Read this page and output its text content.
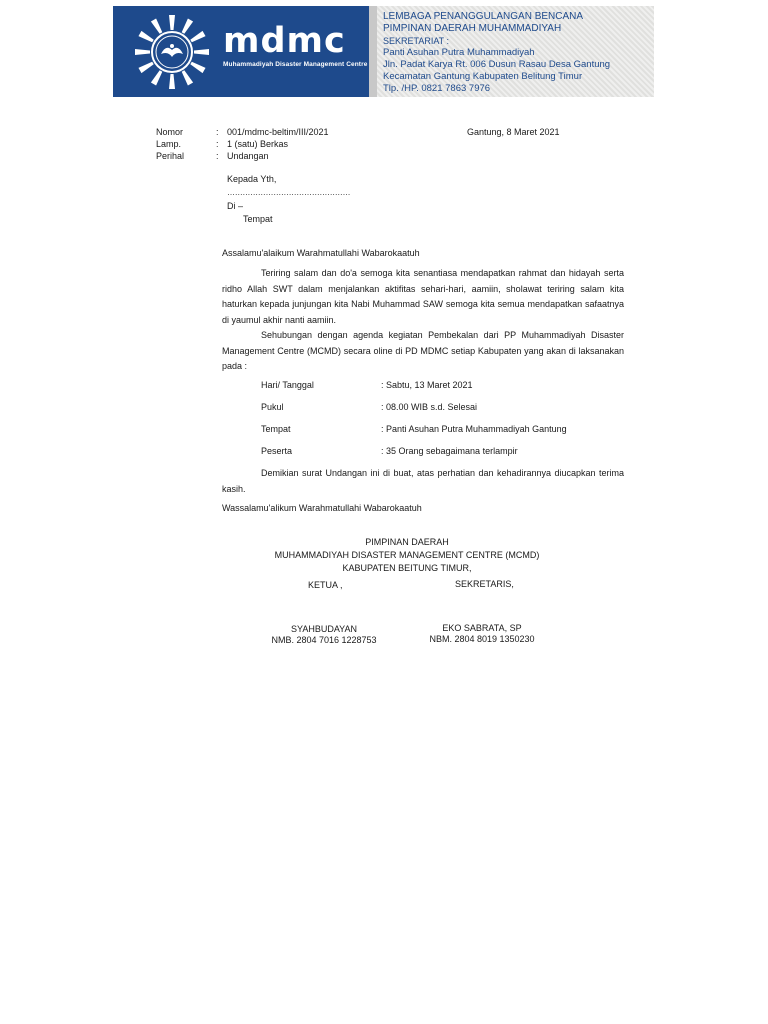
mdmc
Muhammadiyah Disaster Management Centre
LEMBAGA PENANGGULANGAN BENCANA
PIMPINAN DAERAH MUHAMMADIYAH
SEKRETARIAT :
Panti Asuhan Putra Muhammadiyah
Jln. Padat Karya Rt. 006 Dusun Rasau Desa Gantung
Kecamatan Gantung Kabupaten Belitung Timur
Tlp. /HP. 0821 7863 7976
Nomor	: 001/mdmc-beltim/III/2021	Gantung, 8 Maret 2021
Lamp.	: 1 (satu) Berkas
Perihal	: Undangan
Kepada Yth,
…………………………………………
Di –
Tempat
Assalamu'alaikum Warahmatullahi Wabarokaatuh
Teriring salam dan do'a semoga kita senantiasa mendapatkan rahmat dan hidayah serta ridho Allah SWT dalam menjalankan aktifitas sehari-hari, aamiin, sholawat teriring salam kita haturkan kepada junjungan kita Nabi Muhammad SAW semoga kita semua mendapatkan safaatnya di yaumul akhir nanti aamiin.
Sehubungan dengan agenda kegiatan Pembekalan dari PP Muhammadiyah Disaster Management Centre (MCMD) secara oline di PD MDMC setiap Kabupaten yang akan di laksanakan pada :
Hari/ Tanggal	: Sabtu, 13 Maret 2021
Pukul	: 08.00 WIB s.d. Selesai
Tempat	: Panti Asuhan Putra Muhammadiyah Gantung
Peserta	: 35 Orang sebagaimana terlampir
Demikian surat Undangan ini di buat, atas perhatian dan kehadirannya diucapkan terima kasih.
Wassalamu'alikum Warahmatullahi Wabarokaatuh
PIMPINAN DAERAH
MUHAMMADIYAH DISASTER MANAGEMENT CENTRE (MCMD)
KABUPATEN BEITUNG TIMUR,
KETUA ,	SEKRETARIS,
SYAHBUDAYAN
NMB. 2804 7016 1228753
EKO SABRATA, SP
NBM. 2804 8019 1350230
